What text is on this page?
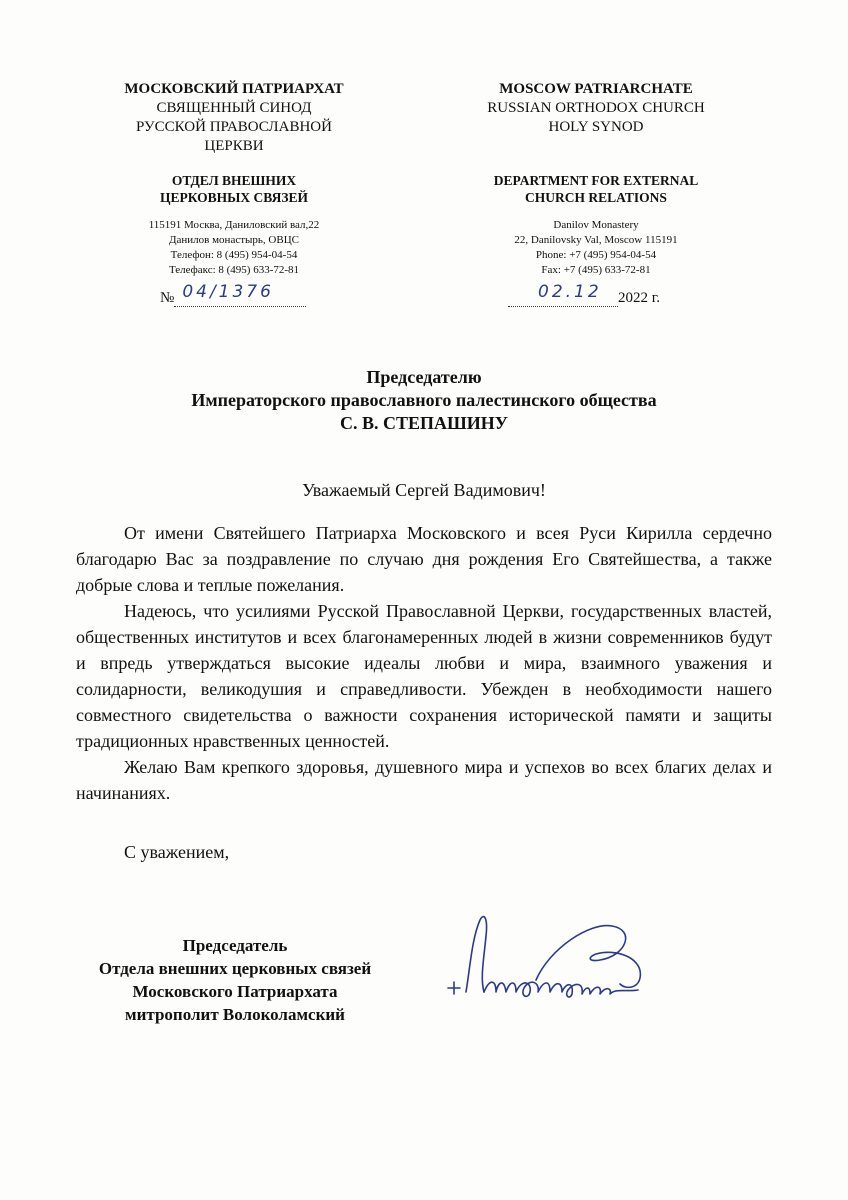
МОСКОВСКИЙ ПАТРИАРХАТ
СВЯЩЕННЫЙ СИНОД
РУССКОЙ ПРАВОСЛАВНОЙ
ЦЕРКВИ
ОТДЕЛ ВНЕШНИХ
ЦЕРКОВНЫХ СВЯЗЕЙ
115191 Москва, Даниловский вал,22
Данилов монастырь, ОВЦС
Телефон: 8 (495) 954-04-54
Телефакс: 8 (495) 633-72-81
MOSCOW PATRIARCHATE
RUSSIAN ORTHODOX CHURCH
HOLY SYNOD
DEPARTMENT FOR EXTERNAL
CHURCH RELATIONS
Danilov Monastery
22, Danilovsky Val, Moscow 115191
Phone: +7 (495) 954-04-54
Fax: +7 (495) 633-72-81
№ 04/1376	02.12 2022 г.
Председателю
Императорского православного палестинского общества
С. В. СТЕПАШИНУ
Уважаемый Сергей Вадимович!

От имени Святейшего Патриарха Московского и всея Руси Кирилла сердечно благодарю Вас за поздравление по случаю дня рождения Его Святейшества, а также добрые слова и теплые пожелания.

Надеюсь, что усилиями Русской Православной Церкви, государственных властей, общественных институтов и всех благонамеренных людей в жизни современников будут и впредь утверждаться высокие идеалы любви и мира, взаимного уважения и солидарности, великодушия и справедливости. Убежден в необходимости нашего совместного свидетельства о важности сохранения исторической памяти и защиты традиционных нравственных ценностей.

Желаю Вам крепкого здоровья, душевного мира и успехов во всех благих делах и начинаниях.

С уважением,
Председатель
Отдела внешних церковных связей
Московского Патриархата
митрополит Волоколамский
